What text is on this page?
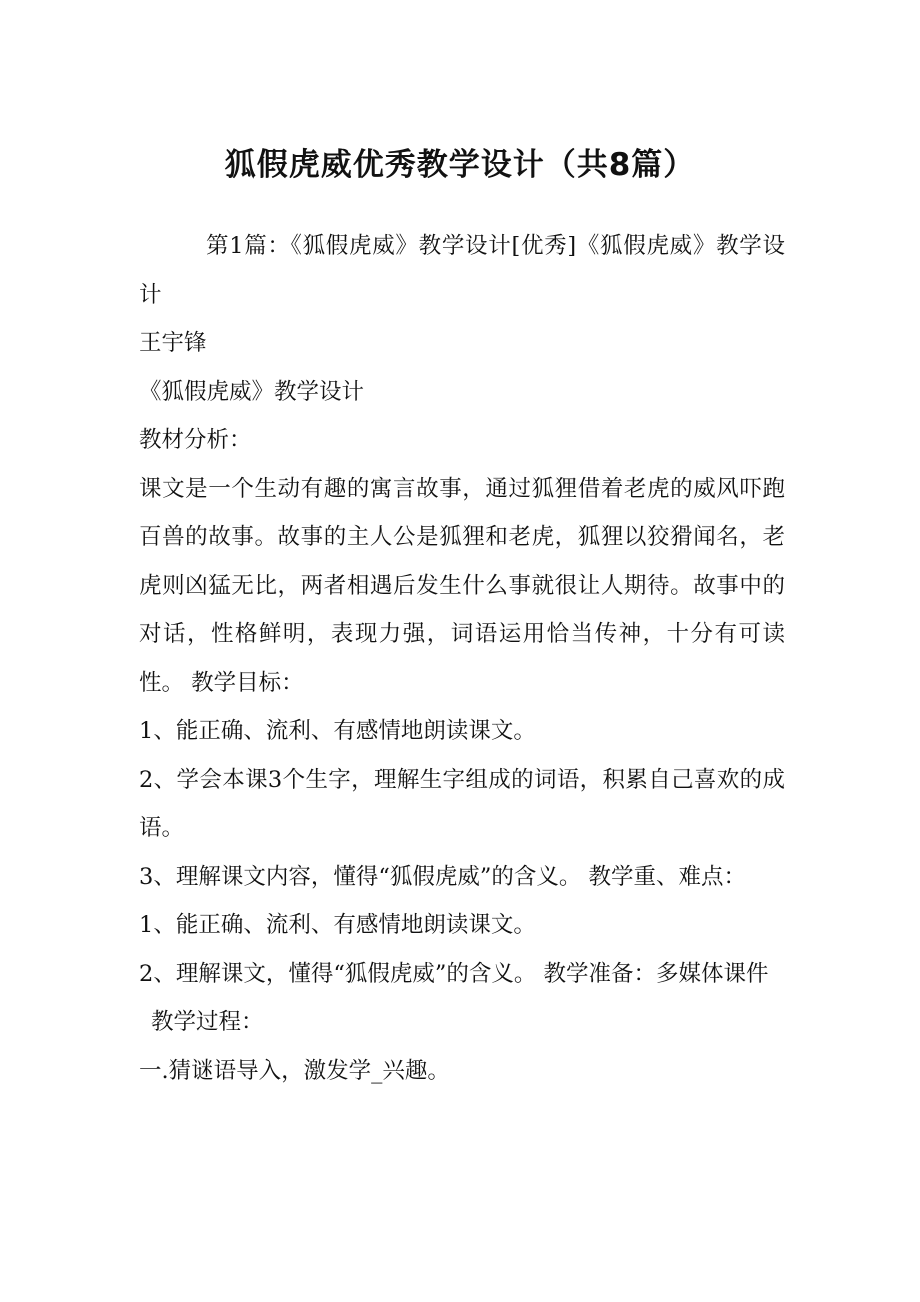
狐假虎威优秀教学设计（共8篇）

第1篇：《狐假虎威》教学设计[优秀]《狐假虎威》教学设计

王宇锋

《狐假虎威》教学设计

教材分析：

课文是一个生动有趣的寓言故事，通过狐狸借着老虎的威风吓跑百兽的故事。故事的主人公是狐狸和老虎，狐狸以狡猾闻名，老虎则凶猛无比，两者相遇后发生什么事就很让人期待。故事中的对话，性格鲜明，表现力强，词语运用恰当传神，十分有可读性。 教学目标：

1、能正确、流利、有感情地朗读课文。

2、学会本课3个生字，理解生字组成的词语，积累自己喜欢的成语。

3、理解课文内容，懂得“狐假虎威”的含义。 教学重、难点：

1、能正确、流利、有感情地朗读课文。

2、理解课文，懂得“狐假虎威”的含义。 教学准备：多媒体课件

教学过程：

一.猜谜语导入，激发学_兴趣。
